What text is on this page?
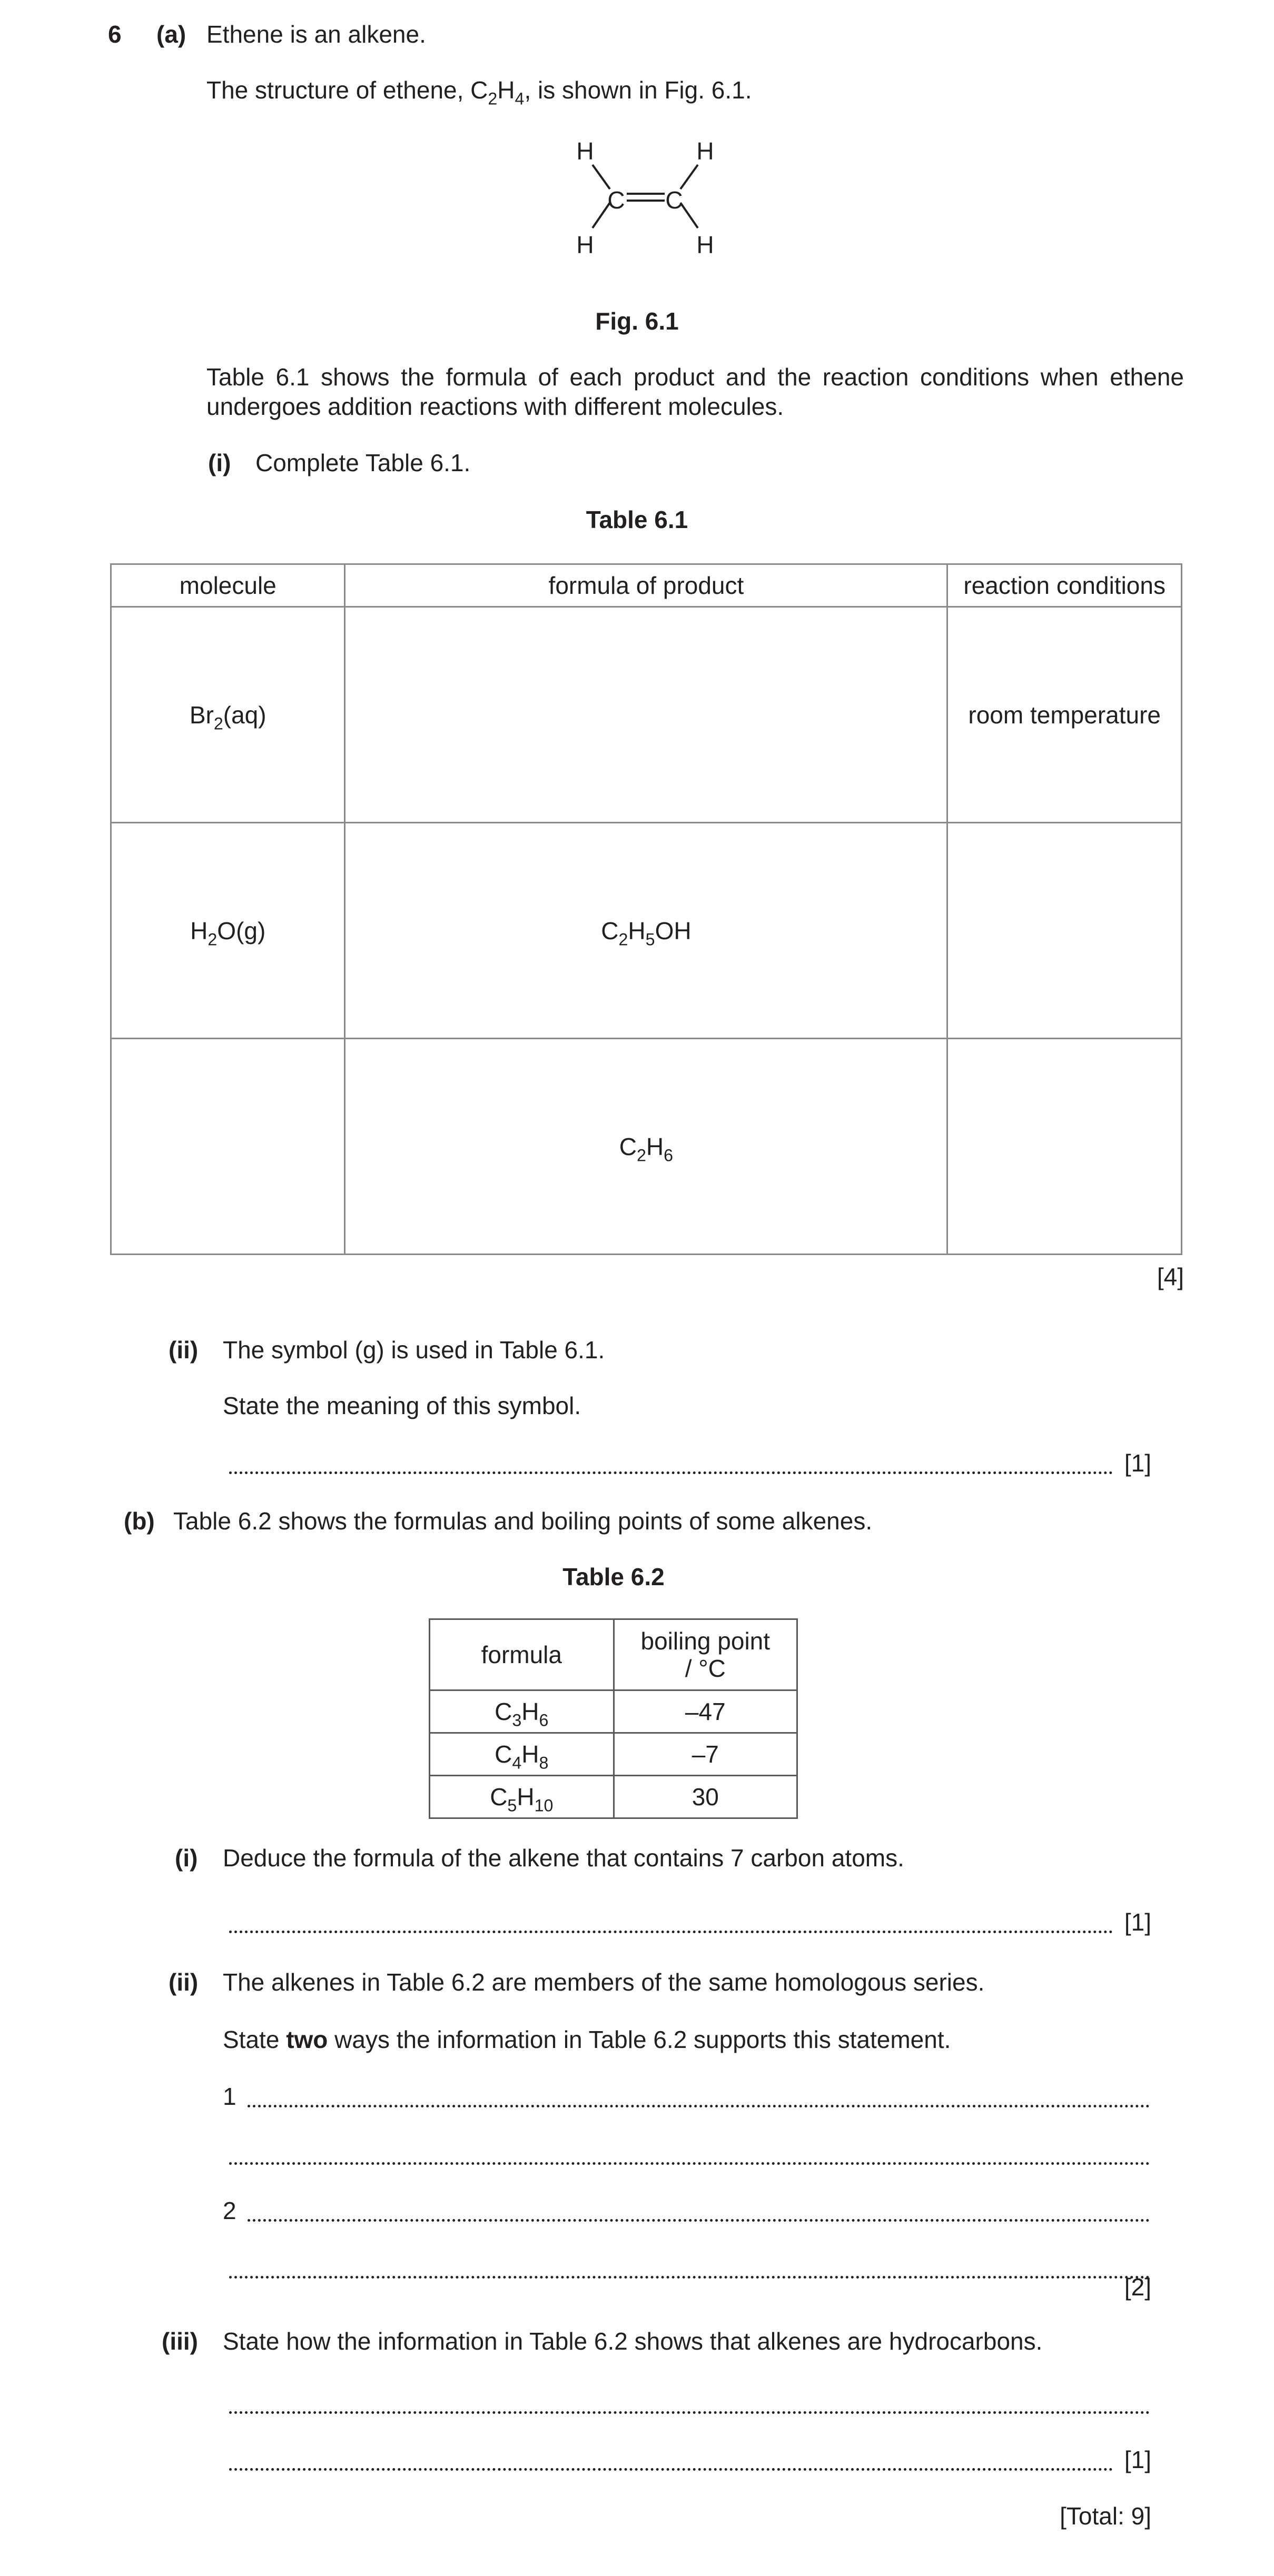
6 (a) Ethene is an alkene.
The structure of ethene, $C_2H_4$, is shown in Fig. 6.1.
H	H
C C
H	H
Fig. 6.1
Table 6.1 shows the formula of each product and the reaction conditions when ethene undergoes addition reactions with different molecules.
(i) Complete Table 6.1.
Table 6.1
molecule	formula of product	reaction conditions
$Br_2(aq)$		room temperature
$H_2O(g)$	$C_2H_5OH$	
	$C_2H_6$	
[4]
(ii) The symbol (g) is used in Table 6.1.
State the meaning of this symbol.
[1]
(b) Table 6.2 shows the formulas and boiling points of some alkenes.
Table 6.2
formula	boiling point
/ °C
$C_3H_6$	–47
$C_4H_8$	–7
$C_5H_{10}$	30
(i) Deduce the formula of the alkene that contains 7 carbon atoms.
[1]
(ii) The alkenes in Table 6.2 are members of the same homologous series.
State two ways the information in Table 6.2 supports this statement.
1
2
[2]
(iii) State how the information in Table 6.2 shows that alkenes are hydrocarbons.
[1]
[Total: 9]
